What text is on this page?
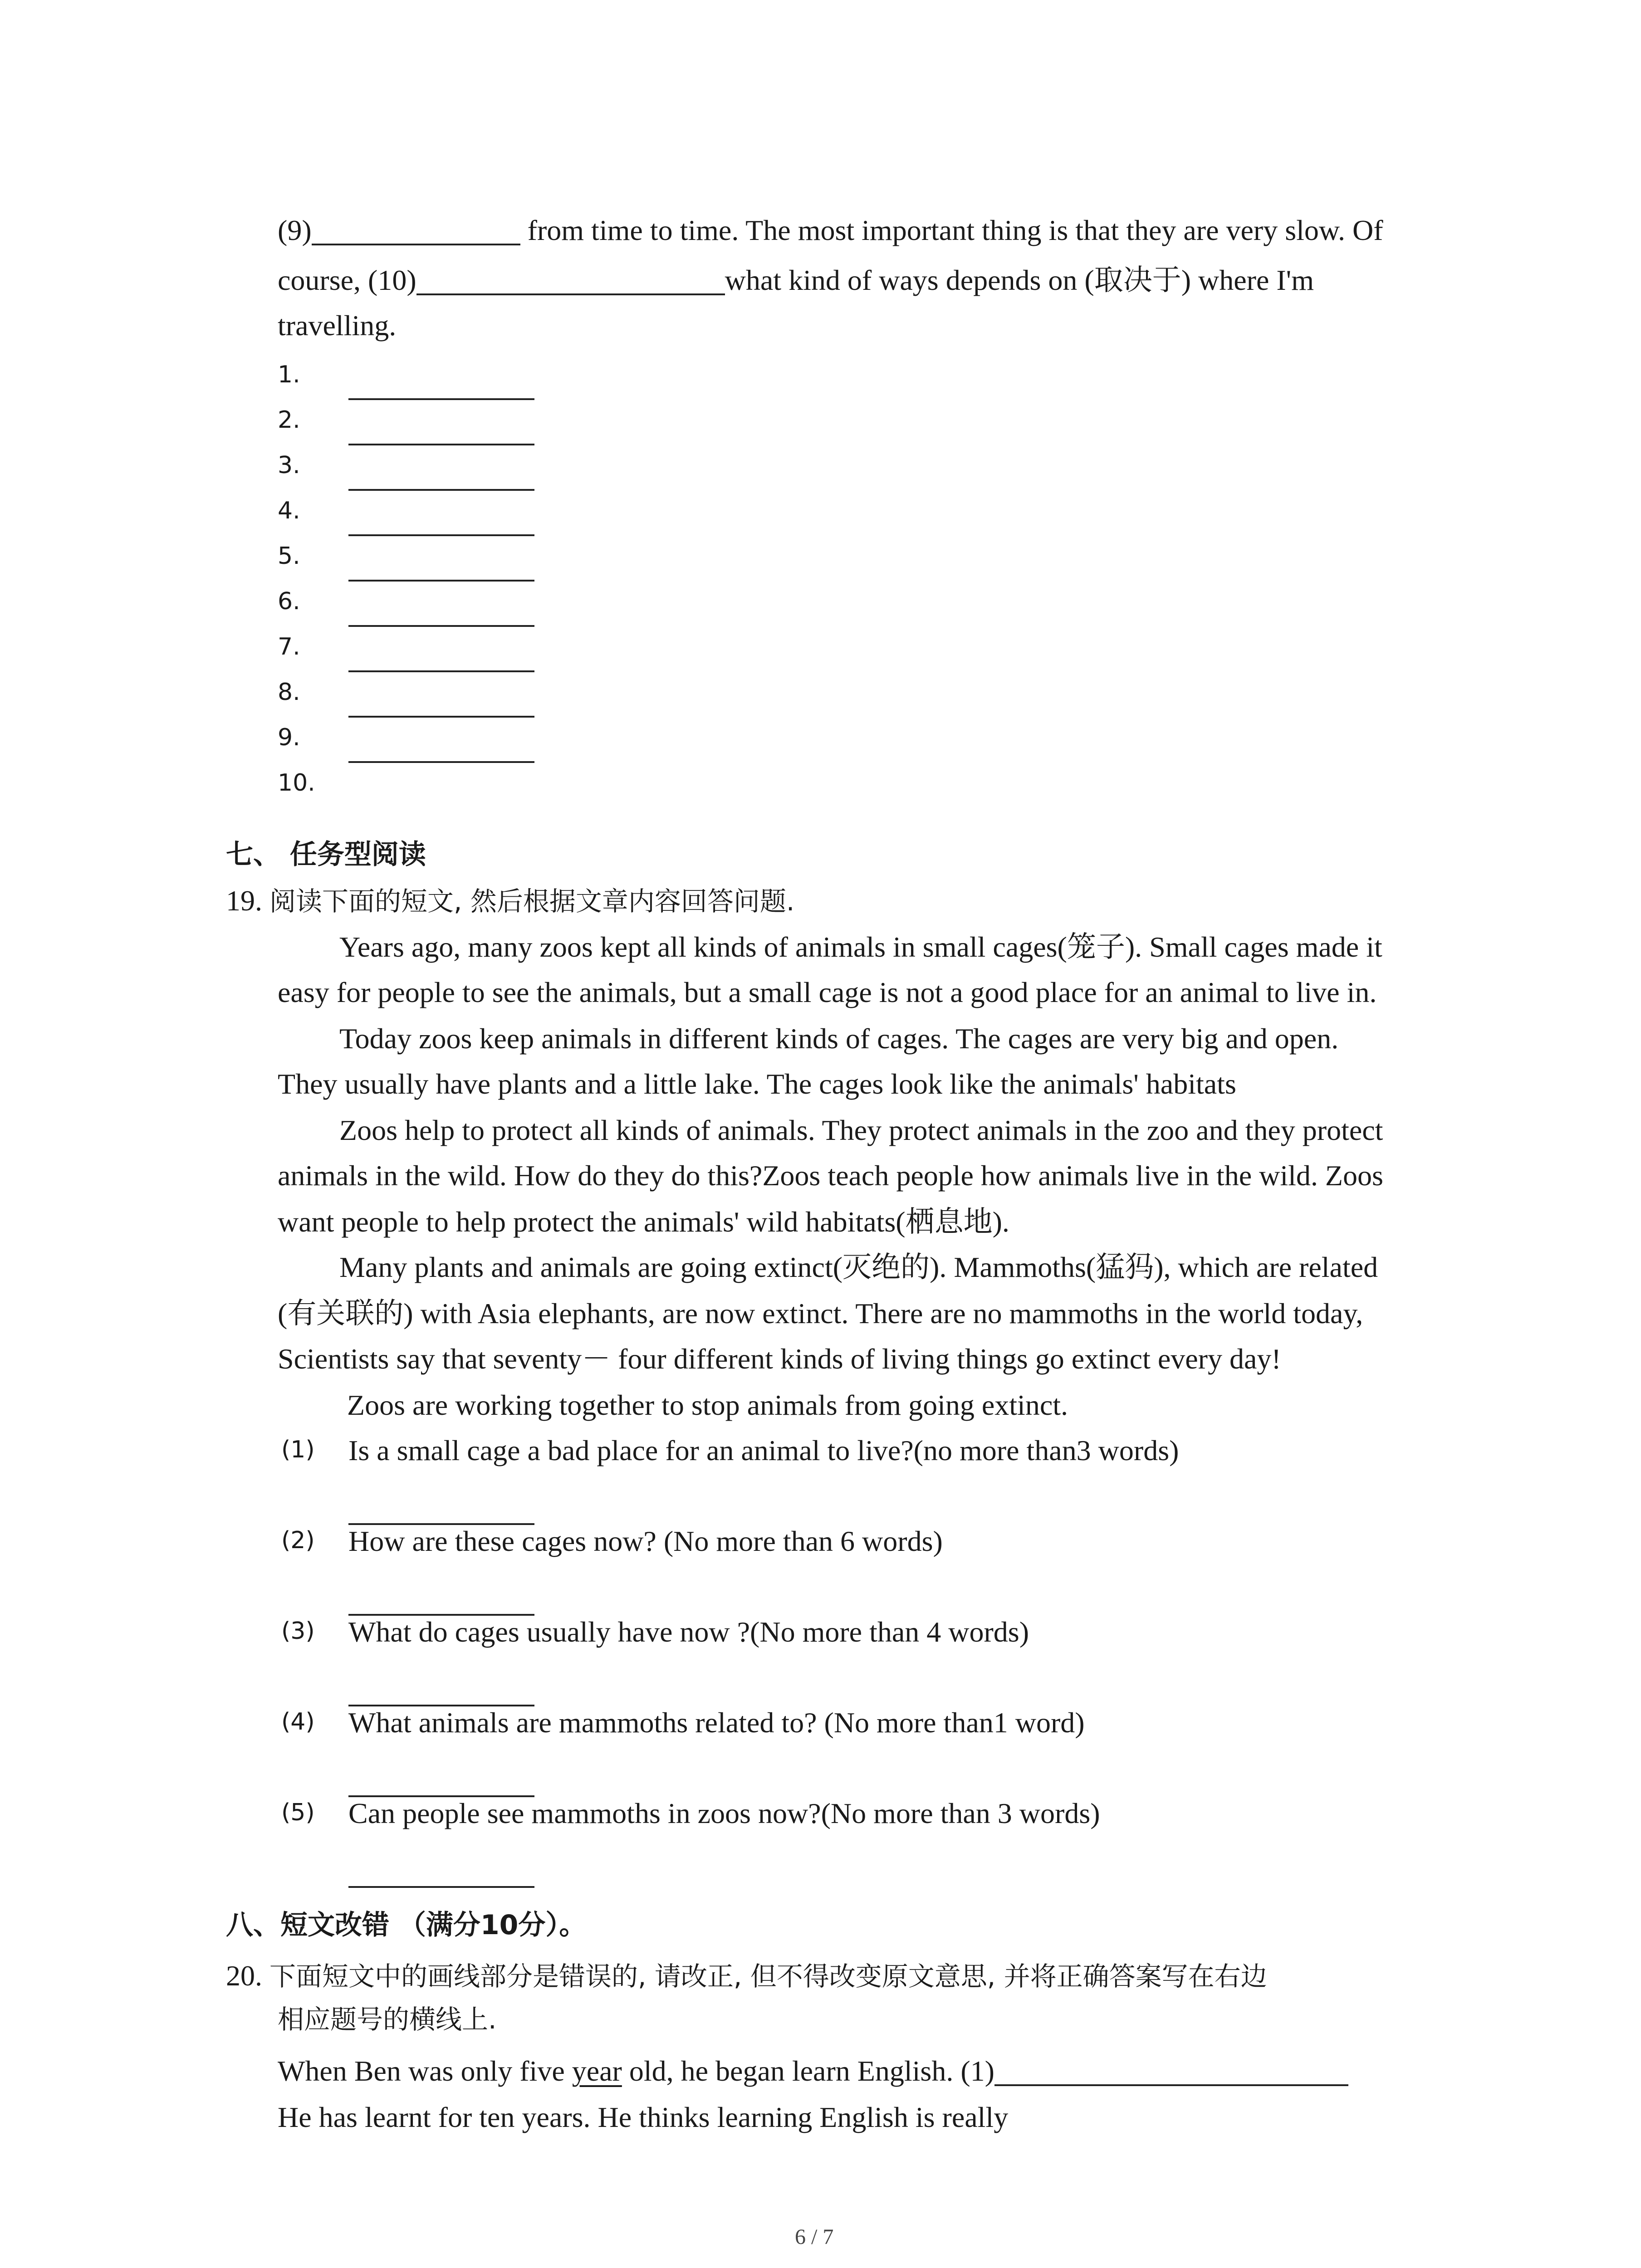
(9)	from time to time. The most important thing is that they are very slow. Of
course, (10)	what kind of ways depends on (取决于) where I'm
travelling.
1.
2.
3.
4.
5.
6.
7.
8.
9.
10.
七、 任务型阅读
19. 阅读下面的短文, 然后根据文章内容回答问题.
Years ago, many zoos kept all kinds of animals in small cages(笼子). Small cages made it
easy for people to see the animals, but a small cage is not a good place for an animal to live in.
Today zoos keep animals in different kinds of cages. The cages are very big and open.
They usually have plants and a little lake. The cages look like the animals' habitats
Zoos help to protect all kinds of animals. They protect animals in the zoo and they protect
animals in the wild. How do they do this?Zoos teach people how animals live in the wild. Zoos
want people to help protect the animals' wild habitats(栖息地).
Many plants and animals are going extinct(灭绝的). Mammoths(猛犸), which are related
(有关联的) with Asia elephants, are now extinct. There are no mammoths in the world today,
Scientists say that seventy－ four different kinds of living things go extinct every day!
Zoos are working together to stop animals from going extinct.
(1) Is a small cage a bad place for an animal to live?(no more than3 words)
(2) How are these cages now? (No more than 6 words)
(3) What do cages usually have now ?(No more than 4 words)
(4) What animals are mammoths related to? (No more than1 word)
(5) Can people see mammoths in zoos now?(No more than 3 words)
八、短文改错 （满分10分）。
20. 下面短文中的画线部分是错误的, 请改正, 但不得改变原文意思, 并将正确答案写在右边
相应题号的横线上.
When Ben was only five year old, he began learn English. (1)
He has learnt for ten years. He thinks learning English is really
6 / 7
